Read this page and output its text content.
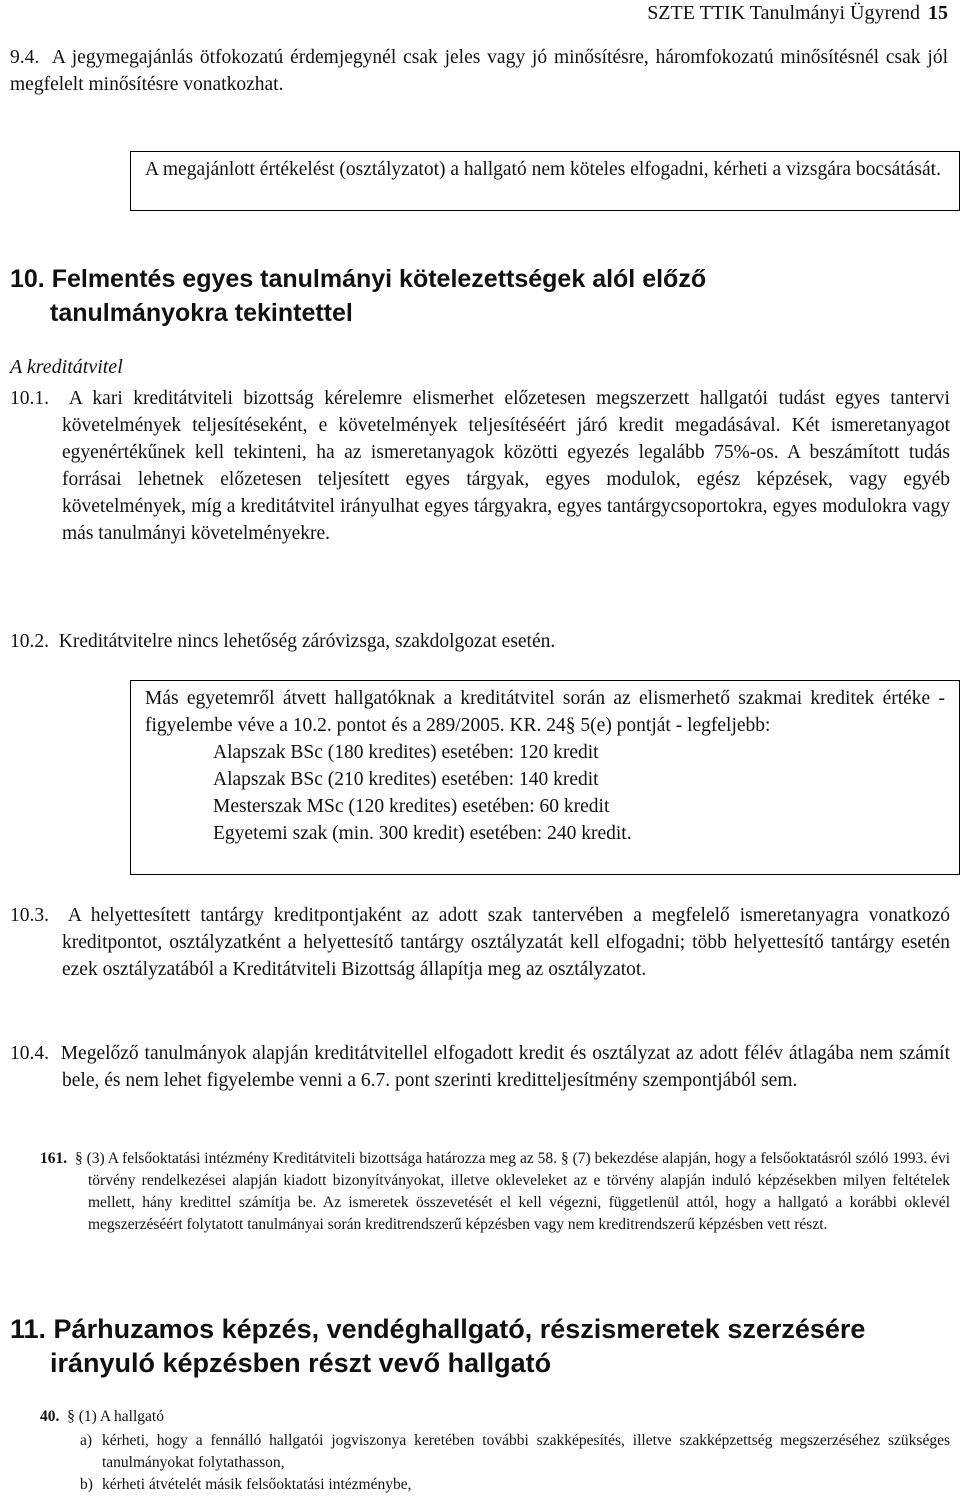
SZTE TTIK Tanulmányi Ügyrend 15
9.4. A jegymegajánlás ötfokozatú érdemjegynél csak jeles vagy jó minősítésre, háromfokozatú minősítésnél csak jól megfelelt minősítésre vonatkozhat.
A megajánlott értékelést (osztályzatot) a hallgató nem köteles elfogadni, kérheti a vizsgára bocsátását.
10. Felmentés egyes tanulmányi kötelezettségek alól előző
tanulmányokra tekintettel
A kreditátvitel
10.1. A kari kreditátviteli bizottság kérelemre elismerhet előzetesen megszerzett hallgatói tudást egyes tantervi követelmények teljesítéseként, e követelmények teljesítéséért járó kredit megadásával. Két ismeretanyagot egyenértékűnek kell tekinteni, ha az ismeretanyagok közötti egyezés legalább 75%-os. A beszámított tudás forrásai lehetnek előzetesen teljesített egyes tárgyak, egyes modulok, egész képzések, vagy egyéb követelmények, míg a kreditátvitel irányulhat egyes tárgyakra, egyes tantárgycsoportokra, egyes modulokra vagy más tanulmányi követelményekre.
10.2. Kreditátvitelre nincs lehetőség záróvizsga, szakdolgozat esetén.
Más egyetemről átvett hallgatóknak a kreditátvitel során az elismerhető szakmai kreditek értéke - figyelembe véve a 10.2. pontot és a 289/2005. KR. 24§ 5(e) pontját - legfeljebb:
Alapszak BSc (180 kredites) esetében: 120 kredit
Alapszak BSc (210 kredites) esetében: 140 kredit
Mesterszak MSc (120 kredites) esetében: 60 kredit
Egyetemi szak (min. 300 kredit) esetében: 240 kredit.
10.3. A helyettesített tantárgy kreditpontjaként az adott szak tantervében a megfelelő ismeretanyagra vonatkozó kreditpontot, osztályzatként a helyettesítő tantárgy osztályzatát kell elfogadni; több helyettesítő tantárgy esetén ezek osztályzatából a Kreditátviteli Bizottság állapítja meg az osztályzatot.
10.4. Megelőző tanulmányok alapján kreditátvitellel elfogadott kredit és osztályzat az adott félév átlagába nem számít bele, és nem lehet figyelembe venni a 6.7. pont szerinti kreditteljesítmény szempontjából sem.
161. § (3) A felsőoktatási intézmény Kreditátviteli bizottsága határozza meg az 58. § (7) bekezdése alapján, hogy a felsőoktatásról szóló 1993. évi törvény rendelkezései alapján kiadott bizonyítványokat, illetve okleveleket az e törvény alapján induló képzésekben milyen feltételek mellett, hány kredittel számítja be. Az ismeretek összevetését el kell végezni, függetlenül attól, hogy a hallgató a korábbi oklevél megszerzéséért folytatott tanulmányai során kreditrendszerű képzésben vagy nem kreditrendszerű képzésben vett részt.
11. Párhuzamos képzés, vendéghallgató, részismeretek szerzésére
irányuló képzésben részt vevő hallgató
40. § (1) A hallgató
a) kérheti, hogy a fennálló hallgatói jogviszonya keretében további szakképesítés, illetve szakképzettség megszerzéséhez szükséges tanulmányokat folytathasson,
b) kérheti átvételét másik felsőoktatási intézménybe,
